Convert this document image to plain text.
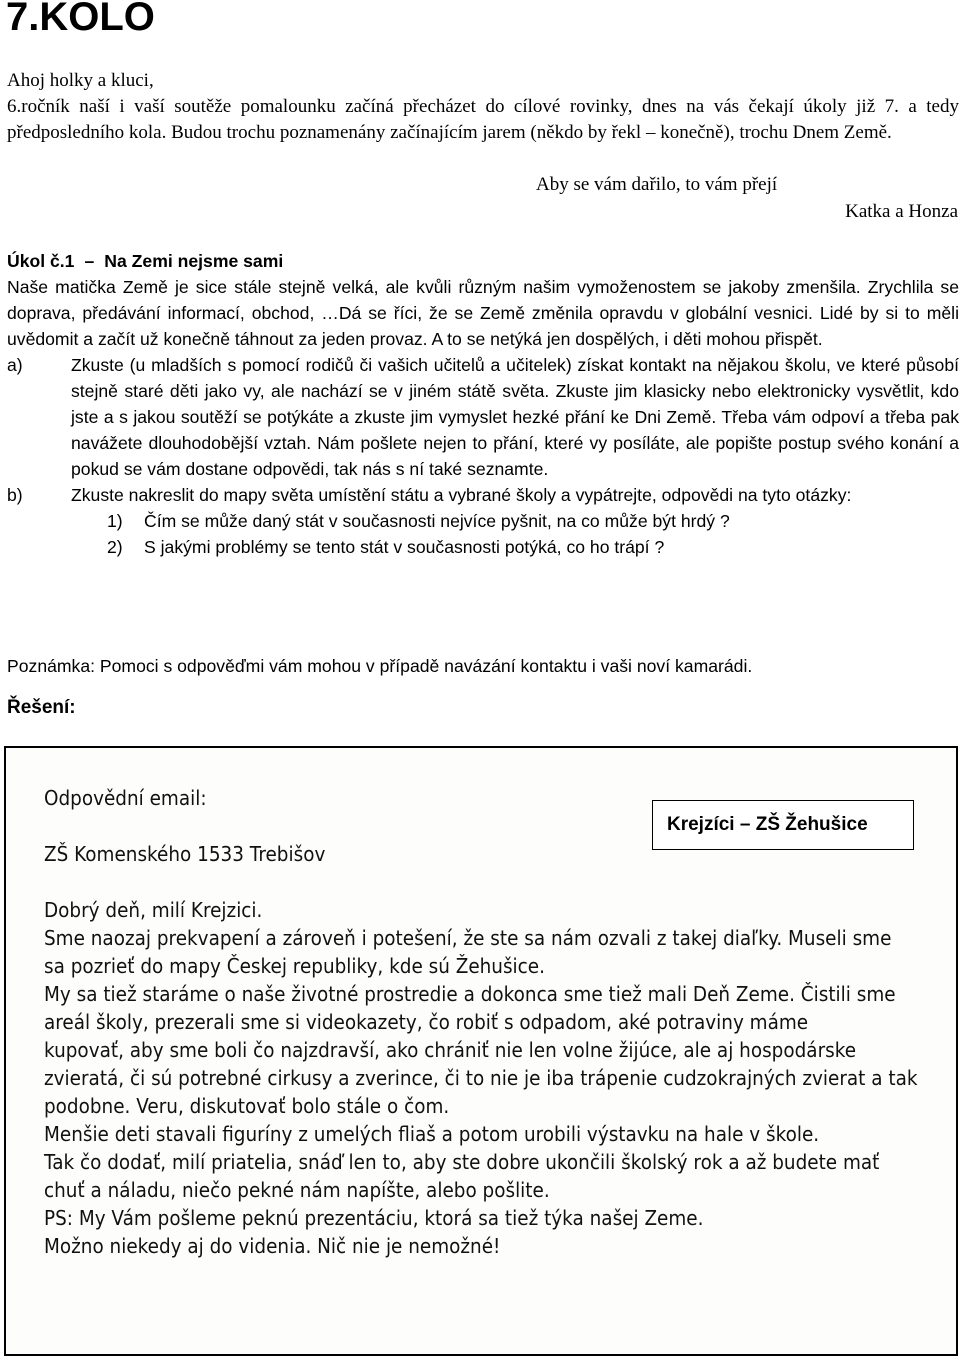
7.KOLO

Ahoj holky a kluci,

6.ročník naší i vaší soutěže pomalounku začíná přecházet do cílové rovinky, dnes na vás čekají úkoly již 7. a tedy předposledního kola. Budou trochu poznamenány začínajícím jarem (někdo by řekl – konečně), trochu Dnem Země.

Aby se vám dařilo, to vám přejí
Katka a Honza

Úkol č.1 – Na Zemi nejsme sami

Naše matička Země je sice stále stejně velká, ale kvůli různým našim vymoženostem se jakoby zmenšila. Zrychlila se doprava, předávání informací, obchod, …Dá se říci, že se Země změnila opravdu v globální vesnici. Lidé by si to měli uvědomit a začít už konečně táhnout za jeden provaz. A to se netýká jen dospělých, i děti mohou přispět.

a)	Zkuste (u mladších s pomocí rodičů či vašich učitelů a učitelek) získat kontakt na nějakou školu, ve které působí stejně staré děti jako vy, ale nachází se v jiném státě světa. Zkuste jim klasicky nebo elektronicky vysvětlit, kdo jste a s jakou soutěží se potýkáte a zkuste jim vymyslet hezké přání ke Dni Země. Třeba vám odpoví a třeba pak navážete dlouhodobější vztah. Nám pošlete nejen to přání, které vy posíláte, ale popište postup svého konání a pokud se vám dostane odpovědi, tak nás s ní také seznamte.
b)	Zkuste nakreslit do mapy světa umístění státu a vybrané školy a vypátrejte, odpovědi na tyto otázky:
1)	Čím se může daný stát v současnosti nejvíce pyšnit, na co může být hrdý ?
2)	S jakými problémy se tento stát v současnosti potýká, co ho trápí ?

Poznámka: Pomoci s odpověďmi vám mohou v případě navázání kontaktu i vaši noví kamarádi.

Řešení:

Odpovědní email:

ZŠ Komenského 1533 Trebišov

Dobrý deň, milí Krejzici.

Sme naozaj prekvapení a zároveň i potešení, že ste sa nám ozvali z takej diaľky. Museli sme

sa pozrieť do mapy Českej republiky, kde sú Žehušice.

My sa tiež staráme o naše životné prostredie a dokonca sme tiež mali Deň Zeme. Čistili sme

areál školy, prezerali sme si videokazety, čo robiť s odpadom, aké potraviny máme

kupovať, aby sme boli čo najzdravší, ako chrániť nie len volne žijúce, ale aj hospodárske

zvieratá, či sú potrebné cirkusy a zverince, či to nie je iba trápenie cudzokrajných zvierat a tak

podobne. Veru, diskutovať bolo stále o čom.

Menšie deti stavali figuríny z umelých fliaš a potom urobili výstavku na hale v škole.

Tak čo dodať, milí priatelia, snáď len to, aby ste dobre ukončili školský rok a až budete mať

chuť a náladu, niečo pekné nám napíšte, alebo pošlite.

PS: My Vám pošleme peknú prezentáciu, ktorá sa tiež týka našej Zeme.

Možno niekedy aj do videnia. Nič nie je nemožné!

Krejzíci – ZŠ Žehušice
